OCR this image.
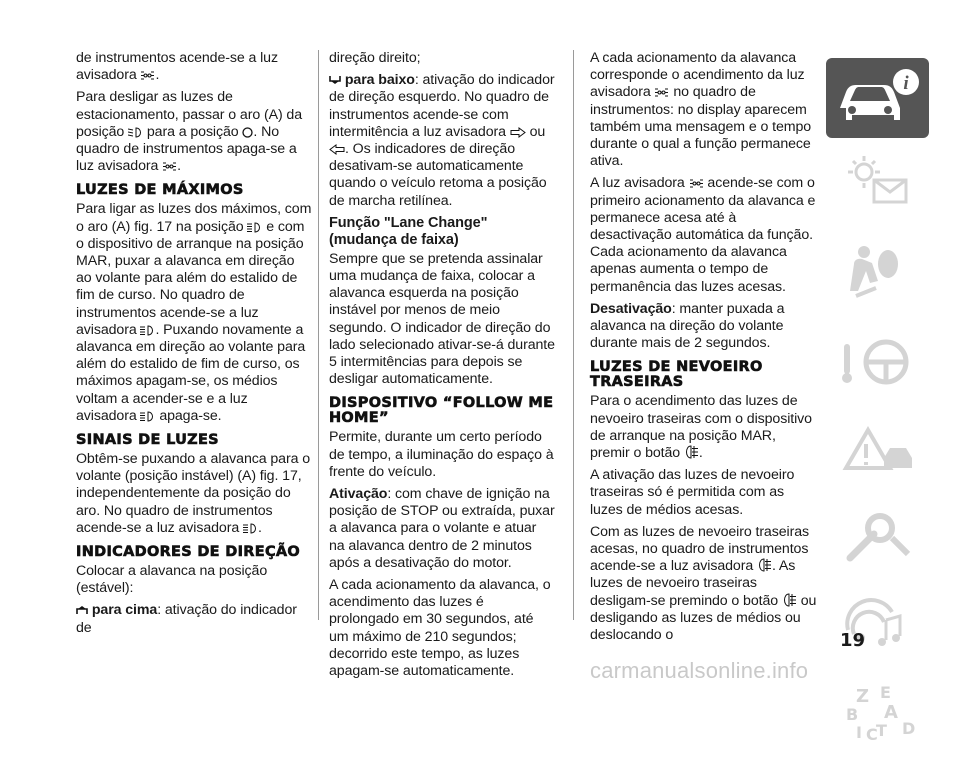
de instrumentos acende-se a luz avisadora .

Para desligar as luzes de estacionamento, passar o aro (A) da posição para a posição . No quadro de instrumentos apaga-se a luz avisadora .

LUZES DE MÁXIMOS

Para ligar as luzes dos máximos, com o aro (A) fig. 17 na posição e com o dispositivo de arranque na posição MAR, puxar a alavanca em direção ao volante para além do estalido de fim de curso. No quadro de instrumentos acende-se a luz avisadora . Puxando novamente a alavanca em direção ao volante para além do estalido de fim de curso, os máximos apagam-se, os médios voltam a acender-se e a luz avisadora apaga-se.

SINAIS DE LUZES

Obtêm-se puxando a alavanca para o volante (posição instável) (A) fig. 17, independentemente da posição do aro. No quadro de instrumentos acende-se a luz avisadora .

INDICADORES DE DIREÇÃO

Colocar a alavanca na posição (estável):

para cima: ativação do indicador de

direção direito;

para baixo: ativação do indicador de direção esquerdo. No quadro de instrumentos acende-se com intermitência a luz avisadora ou . Os indicadores de direção desativam-se automaticamente quando o veículo retoma a posição de marcha retilínea.

Função "Lane Change" (mudança de faixa)

Sempre que se pretenda assinalar uma mudança de faixa, colocar a alavanca esquerda na posição instável por menos de meio segundo. O indicador de direção do lado selecionado ativar-se-á durante 5 intermitências para depois se desligar automaticamente.

DISPOSITIVO “FOLLOW ME HOME”

Permite, durante um certo período de tempo, a iluminação do espaço à frente do veículo.

Ativação: com chave de ignição na posição de STOP ou extraída, puxar a alavanca para o volante e atuar na alavanca dentro de 2 minutos após a desativação do motor.

A cada acionamento da alavanca, o acendimento das luzes é prolongado em 30 segundos, até um máximo de 210 segundos; decorrido este tempo, as luzes apagam-se automaticamente.

A cada acionamento da alavanca corresponde o acendimento da luz avisadora no quadro de instrumentos: no display aparecem também uma mensagem e o tempo durante o qual a função permanece ativa.

A luz avisadora acende-se com o primeiro acionamento da alavanca e permanece acesa até à desactivação automática da função. Cada acionamento da alavanca apenas aumenta o tempo de permanência das luzes acesas.

Desativação: manter puxada a alavanca na direção do volante durante mais de 2 segundos.

LUZES DE NEVOEIRO TRASEIRAS

Para o acendimento das luzes de nevoeiro traseiras com o dispositivo de arranque na posição MAR, premir o botão .

A ativação das luzes de nevoeiro traseiras só é permitida com as luzes de médios acesas.

Com as luzes de nevoeiro traseiras acesas, no quadro de instrumentos acende-se a luz avisadora . As luzes de nevoeiro traseiras desligam-se premindo o botão ou desligando as luzes de médios ou deslocando o

i
Z E
B A
I C
T D
19
carmanualsonline.info
